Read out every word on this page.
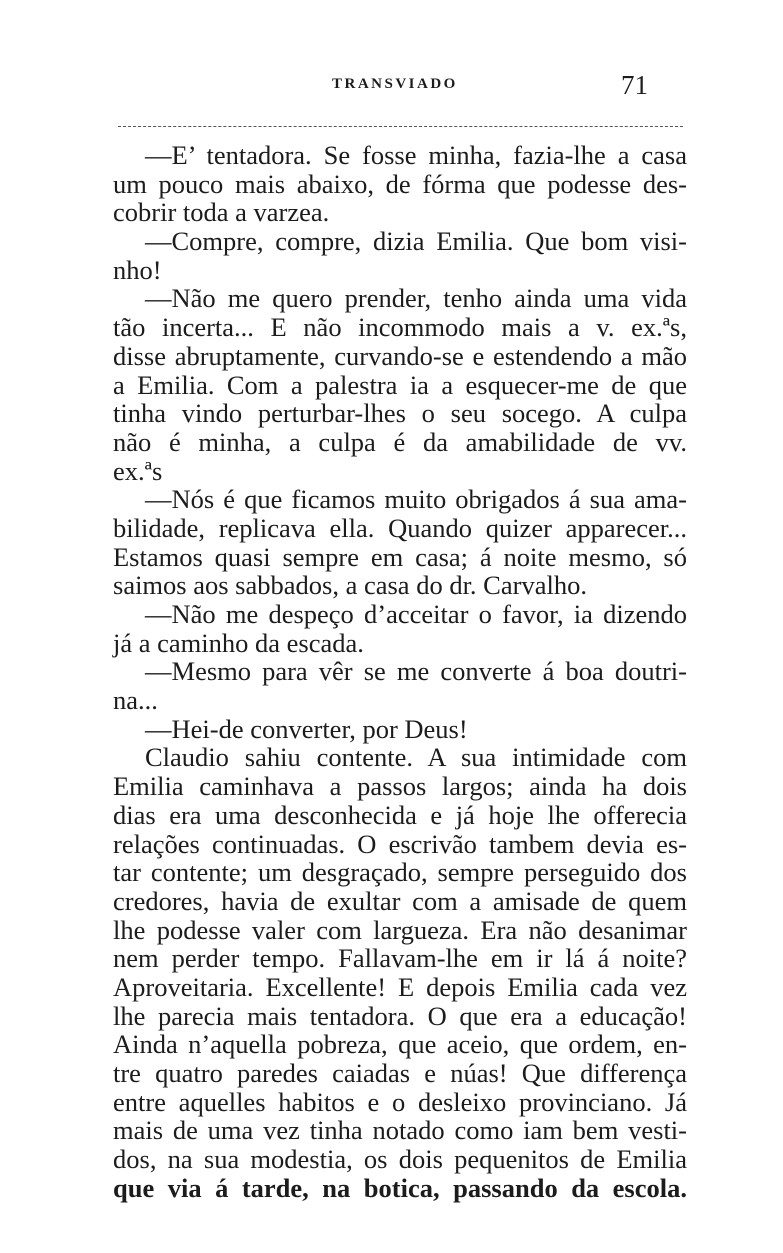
TRANSVIADO	71
—E’ tentadora. Se fosse minha, fazia-lhe a casa
um pouco mais abaixo, de fórma que podesse des-
cobrir toda a varzea.
—Compre, compre, dizia Emilia. Que bom visi-
nho!
—Não me quero prender, tenho ainda uma vida
tão incerta... E não incommodo mais a v. ex.ªs,
disse abruptamente, curvando-se e estendendo a mão
a Emilia. Com a palestra ia a esquecer-me de que
tinha vindo perturbar-lhes o seu socego. A culpa
não é minha, a culpa é da amabilidade de vv.
ex.ªs
—Nós é que ficamos muito obrigados á sua ama-
bilidade, replicava ella. Quando quizer apparecer...
Estamos quasi sempre em casa; á noite mesmo, só
saimos aos sabbados, a casa do dr. Carvalho.
—Não me despeço d’acceitar o favor, ia dizendo
já a caminho da escada.
—Mesmo para vêr se me converte á boa doutri-
na...
—Hei-de converter, por Deus!
Claudio sahiu contente. A sua intimidade com
Emilia caminhava a passos largos; ainda ha dois
dias era uma desconhecida e já hoje lhe offerecia
relações continuadas. O escrivão tambem devia es-
tar contente; um desgraçado, sempre perseguido dos
credores, havia de exultar com a amisade de quem
lhe podesse valer com largueza. Era não desanimar
nem perder tempo. Fallavam-lhe em ir lá á noite?
Aproveitaria. Excellente! E depois Emilia cada vez
lhe parecia mais tentadora. O que era a educação!
Ainda n’aquella pobreza, que aceio, que ordem, en-
tre quatro paredes caiadas e núas! Que differença
entre aquelles habitos e o desleixo provinciano. Já
mais de uma vez tinha notado como iam bem vesti-
dos, na sua modestia, os dois pequenitos de Emilia
que via á tarde, na botica, passando da escola.
